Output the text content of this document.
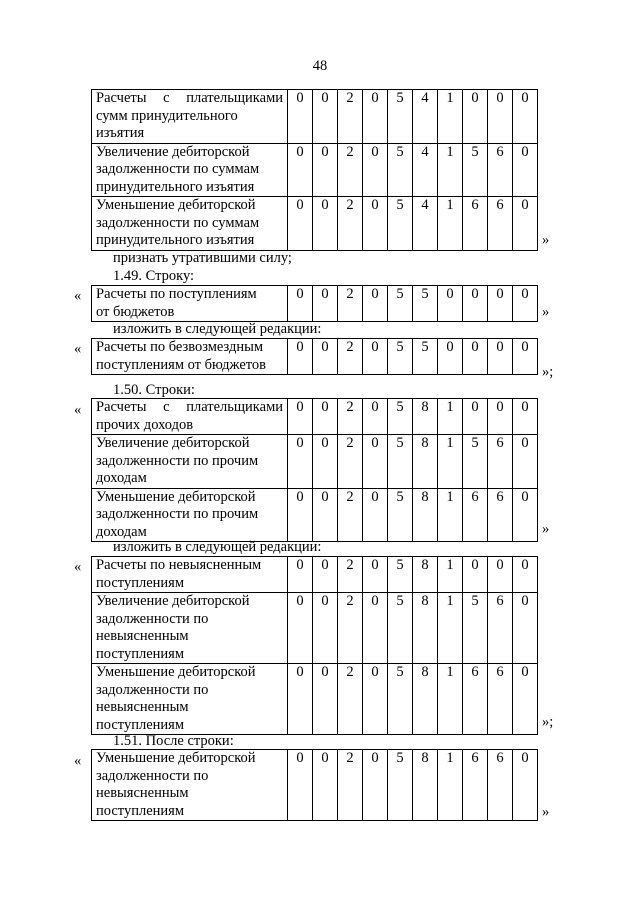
48
Расчеты с плательщиками
сумм принудительного
изъятия	0	0	2	0	5	4	1	0	0	0

Увеличение дебиторской
задолженности по суммам
принудительного изъятия	0	0	2	0	5	4	1	5	6	0

Уменьшение дебиторской
задолженности по суммам
принудительного изъятия	0	0	2	0	5	4	1	6	6	0
»
признать утратившими силу;
1.49. Строку:
« Расчеты по поступлениям
от бюджетов
	0	0	2	0	5	5	0	0	0	0
»
изложить в следующей редакции:
« Расчеты по безвозмездным
поступлениям от бюджетов
	0	0	2	0	5	5	0	0	0	0
»;
1.50. Строки:
« Расчеты с плательщиками
прочих доходов	0	0	2	0	5	8	1	0	0	0

Увеличение дебиторской
задолженности по прочим
доходам	0	0	2	0	5	8	1	5	6	0

Уменьшение дебиторской
задолженности по прочим
доходам	0	0	2	0	5	8	1	6	6	0
»
изложить в следующей редакции:
« Расчеты по невыясненным
поступлениям	0	0	2	0	5	8	1	0	0	0

Увеличение дебиторской
задолженности по
невыясненным
поступлениям	0	0	2	0	5	8	1	5	6	0

Уменьшение дебиторской
задолженности по
невыясненным
поступлениям	0	0	2	0	5	8	1	6	6	0
»;
1.51. После строки:
« Уменьшение дебиторской
задолженности по
невыясненным
поступлениям
	0	0	2	0	5	8	1	6	6	0
»
